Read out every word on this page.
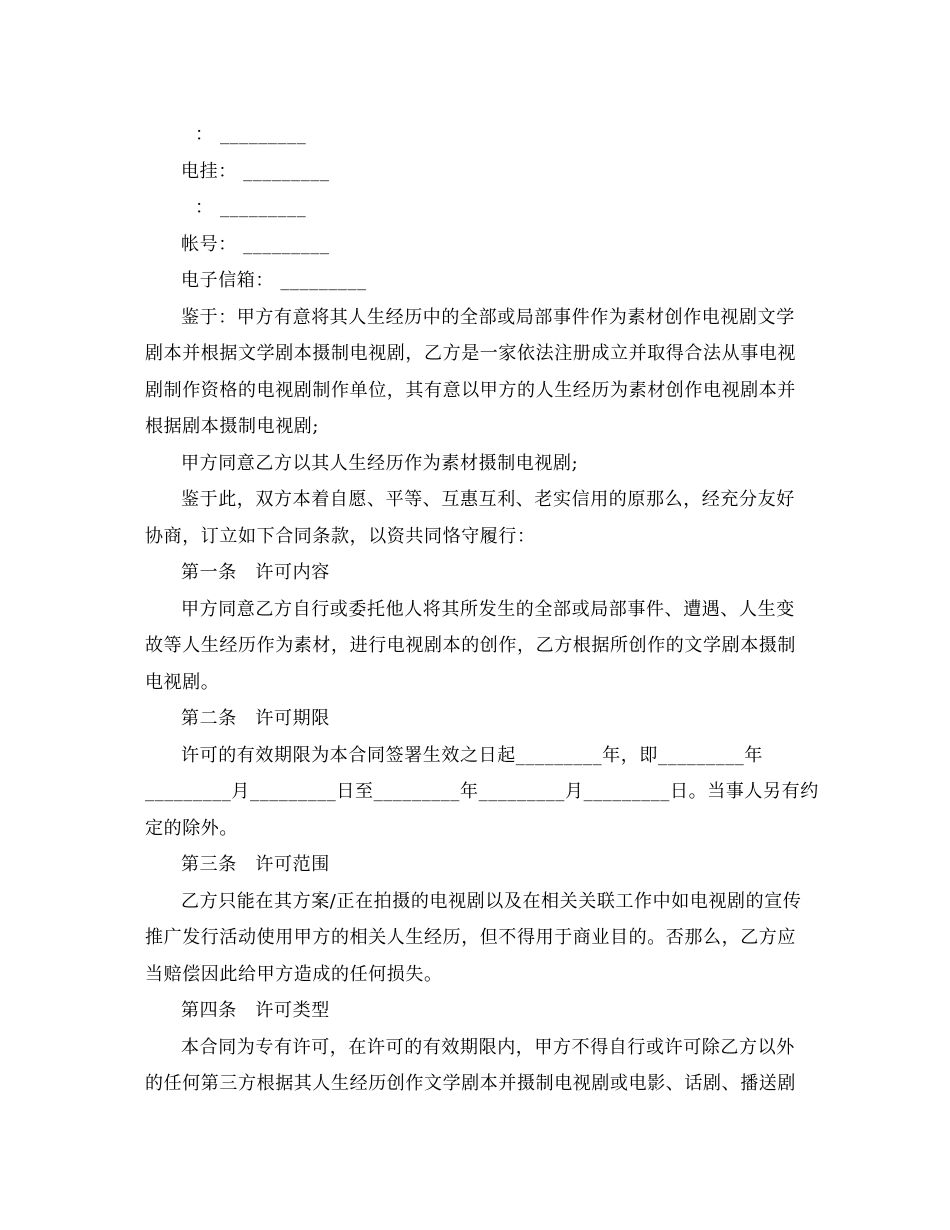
： _________
电挂： _________
： _________
帐号： _________
电子信箱： _________
鉴于：甲方有意将其人生经历中的全部或局部事件作为素材创作电视剧文学
剧本并根据文学剧本摄制电视剧，乙方是一家依法注册成立并取得合法从事电视
剧制作资格的电视剧制作单位，其有意以甲方的人生经历为素材创作电视剧本并
根据剧本摄制电视剧;
甲方同意乙方以其人生经历作为素材摄制电视剧;
鉴于此，双方本着自愿、平等、互惠互利、老实信用的原那么，经充分友好
协商，订立如下合同条款，以资共同恪守履行：
第一条　许可内容
甲方同意乙方自行或委托他人将其所发生的全部或局部事件、遭遇、人生变
故等人生经历作为素材，进行电视剧本的创作，乙方根据所创作的文学剧本摄制
电视剧。
第二条　许可期限
许可的有效期限为本合同签署生效之日起_________年，即_________年
_________月_________日至_________年_________月_________日。当事人另有约
定的除外。
第三条　许可范围
乙方只能在其方案/正在拍摄的电视剧以及在相关关联工作中如电视剧的宣传
推广发行活动使用甲方的相关人生经历，但不得用于商业目的。否那么，乙方应
当赔偿因此给甲方造成的任何损失。
第四条　许可类型
本合同为专有许可，在许可的有效期限内，甲方不得自行或许可除乙方以外
的任何第三方根据其人生经历创作文学剧本并摄制电视剧或电影、话剧、播送剧
